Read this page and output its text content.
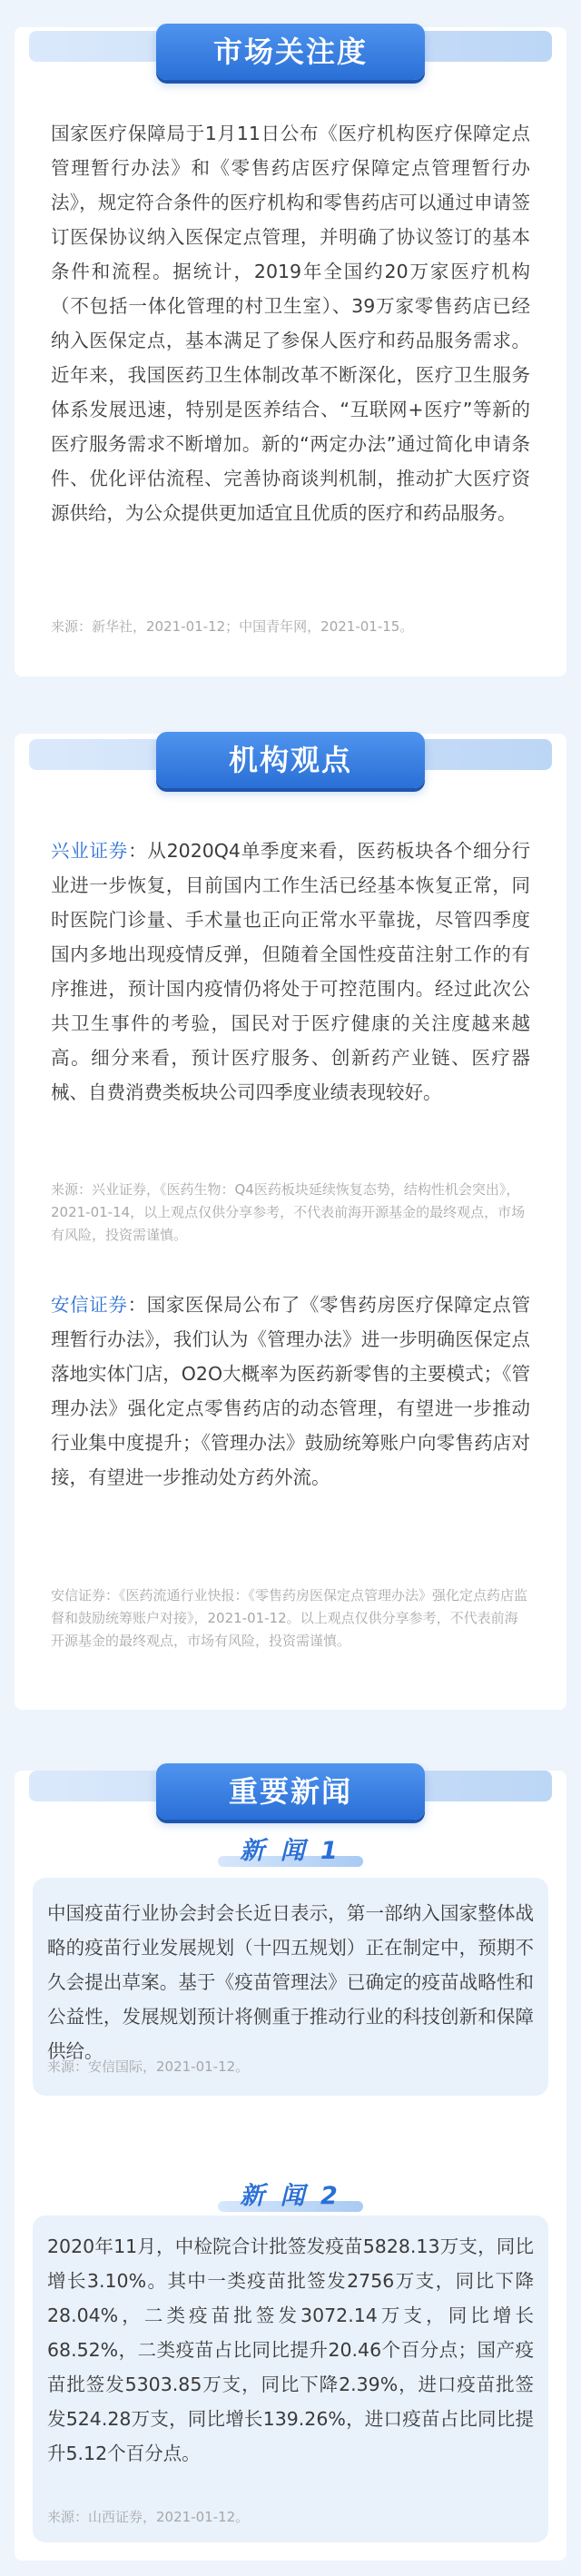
市场关注度

国家医疗保障局于1月11日公布《医疗机构医疗保障定点管理暂行办法》和《零售药店医疗保障定点管理暂行办法》，规定符合条件的医疗机构和零售药店可以通过申请签订医保协议纳入医保定点管理，并明确了协议签订的基本条件和流程。据统计，2019年全国约20万家医疗机构（不包括一体化管理的村卫生室）、39万家零售药店已经纳入医保定点，基本满足了参保人医疗和药品服务需求。近年来，我国医药卫生体制改革不断深化，医疗卫生服务体系发展迅速，特别是医养结合、“互联网+医疗”等新的医疗服务需求不断增加。新的“两定办法”通过简化申请条件、优化评估流程、完善协商谈判机制，推动扩大医疗资源供给，为公众提供更加适宜且优质的医疗和药品服务。

来源：新华社，2021-01-12；中国青年网，2021-01-15。

机构观点

兴业证券：从2020Q4单季度来看，医药板块各个细分行业进一步恢复，目前国内工作生活已经基本恢复正常，同时医院门诊量、手术量也正向正常水平靠拢，尽管四季度国内多地出现疫情反弹，但随着全国性疫苗注射工作的有序推进，预计国内疫情仍将处于可控范围内。经过此次公共卫生事件的考验，国民对于医疗健康的关注度越来越高。细分来看，预计医疗服务、创新药产业链、医疗器械、自费消费类板块公司四季度业绩表现较好。

来源：兴业证券，《医药生物：Q4医药板块延续恢复态势，结构性机会突出》，2021-01-14，以上观点仅供分享参考，不代表前海开源基金的最终观点，市场有风险，投资需谨慎。

安信证券：国家医保局公布了《零售药房医疗保障定点管理暂行办法》，我们认为《管理办法》进一步明确医保定点落地实体门店，O2O大概率为医药新零售的主要模式；《管理办法》强化定点零售药店的动态管理，有望进一步推动行业集中度提升；《管理办法》鼓励统筹账户向零售药店对接，有望进一步推动处方药外流。

安信证券：《医药流通行业快报：《零售药房医保定点管理办法》强化定点药店监督和鼓励统筹账户对接》，2021-01-12。以上观点仅供分享参考，不代表前海开源基金的最终观点，市场有风险，投资需谨慎。

重要新闻
新 闻 1

中国疫苗行业协会封会长近日表示，第一部纳入国家整体战略的疫苗行业发展规划（十四五规划）正在制定中，预期不久会提出草案。基于《疫苗管理法》已确定的疫苗战略性和公益性，发展规划预计将侧重于推动行业的科技创新和保障供给。

来源：安信国际，2021-01-12。

新 闻 2

2020年11月，中检院合计批签发疫苗5828.13万支，同比增长3.10%。其中一类疫苗批签发2756万支，同比下降28.04%，二类疫苗批签发3072.14万支，同比增长68.52%，二类疫苗占比同比提升20.46个百分点；国产疫苗批签发5303.85万支，同比下降2.39%，进口疫苗批签发524.28万支，同比增长139.26%，进口疫苗占比同比提升5.12个百分点。

来源：山西证券，2021-01-12。
